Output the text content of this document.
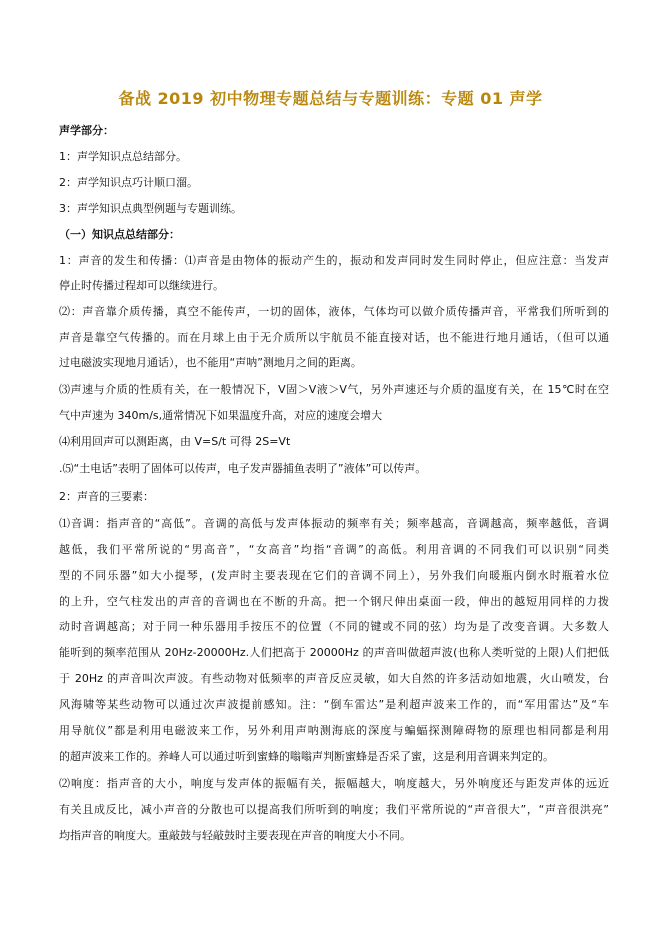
备战 2019 初中物理专题总结与专题训练：专题 01 声学
声学部分：
1：声学知识点总结部分。
2：声学知识点巧计顺口溜。
3：声学知识点典型例题与专题训练。
（一）知识点总结部分：
1：声音的发生和传播：⑴声音是由物体的振动产生的，振动和发声同时发生同时停止，但应注意：当发声
停止时传播过程却可以继续进行。
⑵：声音靠介质传播，真空不能传声，一切的固体，液体，气体均可以做介质传播声音，平常我们所听到的
声音是靠空气传播的。而在月球上由于无介质所以宇航员不能直接对话，也不能进行地月通话，（但可以通
过电磁波实现地月通话），也不能用“声呐”测地月之间的距离。
⑶声速与介质的性质有关，在一般情况下，V固＞V液＞V气，另外声速还与介质的温度有关，在 15℃时在空
气中声速为 340m/s,通常情况下如果温度升高，对应的速度会增大
⑷利用回声可以测距离，由 V=S/t 可得 2S=Vt
.⑸“土电话”表明了固体可以传声，电子发声器捕鱼表明了”液体”可以传声。
2：声音的三要素：
⑴音调：指声音的“高低”。音调的高低与发声体振动的频率有关；频率越高，音调越高，频率越低，音调
越低，我们平常所说的“男高音”，“女高音”均指“音调”的高低。利用音调的不同我们可以识别“同类
型的不同乐器”如大小提琴，(发声时主要表现在它们的音调不同上），另外我们向暖瓶内倒水时瓶着水位
的上升，空气柱发出的声音的音调也在不断的升高。把一个钢尺伸出桌面一段，伸出的越短用同样的力拨
动时音调越高；对于同一种乐器用手按压不的位置（不同的键或不同的弦）均为是了改变音调。大多数人
能听到的频率范围从 20Hz-20000Hz.人们把高于 20000Hz 的声音叫做超声波(也称人类听觉的上限)人们把低
于 20Hz 的声音叫次声波。有些动物对低频率的声音反应灵敏，如大自然的许多活动如地震，火山喷发，台
风海啸等某些动物可以通过次声波提前感知。注：“倒车雷达”是利超声波来工作的，而“军用雷达”及“车
用导航仪”都是利用电磁波来工作，另外利用声呐测海底的深度与蝙蝠探测障碍物的原理也相同都是利用
的超声波来工作的。养峰人可以通过听到蜜蜂的嗡嗡声判断蜜蜂是否采了蜜，这是利用音调来判定的。
⑵响度：指声音的大小，响度与发声体的振幅有关，振幅越大，响度越大，另外响度还与距发声体的远近
有关且成反比，减小声音的分散也可以提高我们所听到的响度；我们平常所说的“声音很大”，“声音很洪亮”
均指声音的响度大。重敲鼓与轻敲鼓时主要表现在声音的响度大小不同。
